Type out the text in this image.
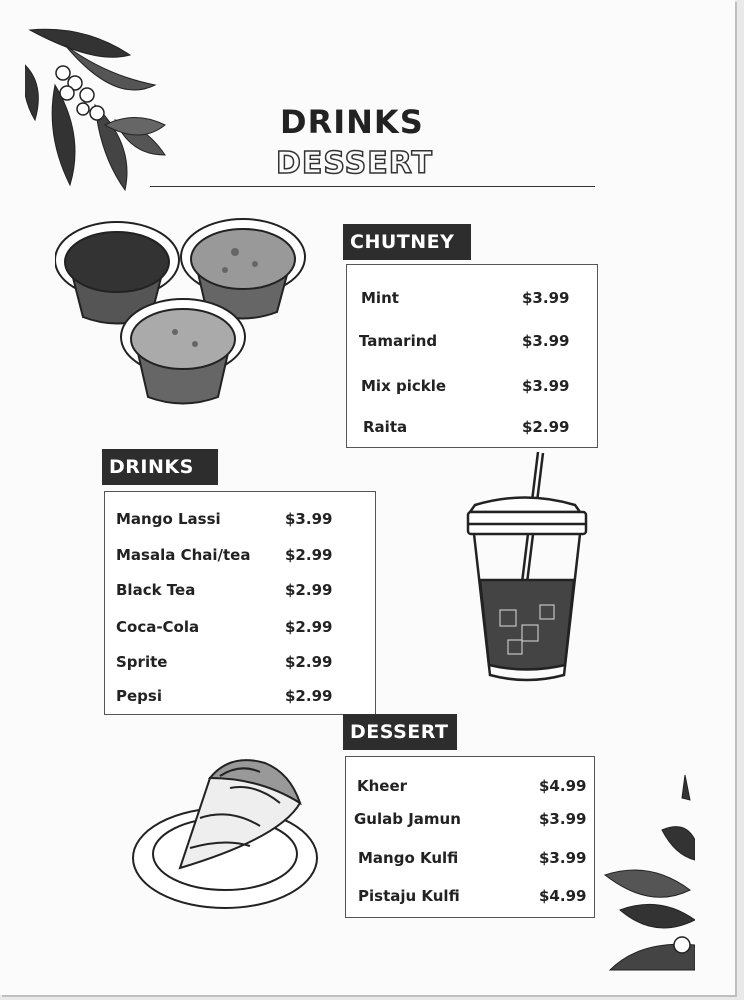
DRINKS
DESSERT
CHUTNEY
Mint	$3.99
Tamarind	$3.99
Mix pickle	$3.99
Raita	$2.99
DRINKS
Mango Lassi	$3.99
Masala Chai/tea $2.99
Black Tea	$2.99
Coca-Cola	$2.99
Sprite	$2.99
Pepsi	$2.99
DESSERT
Kheer	$4.99
Gulab Jamun	$3.99
Mango Kulfi	$3.99
Pistaju Kulfi	$4.99
